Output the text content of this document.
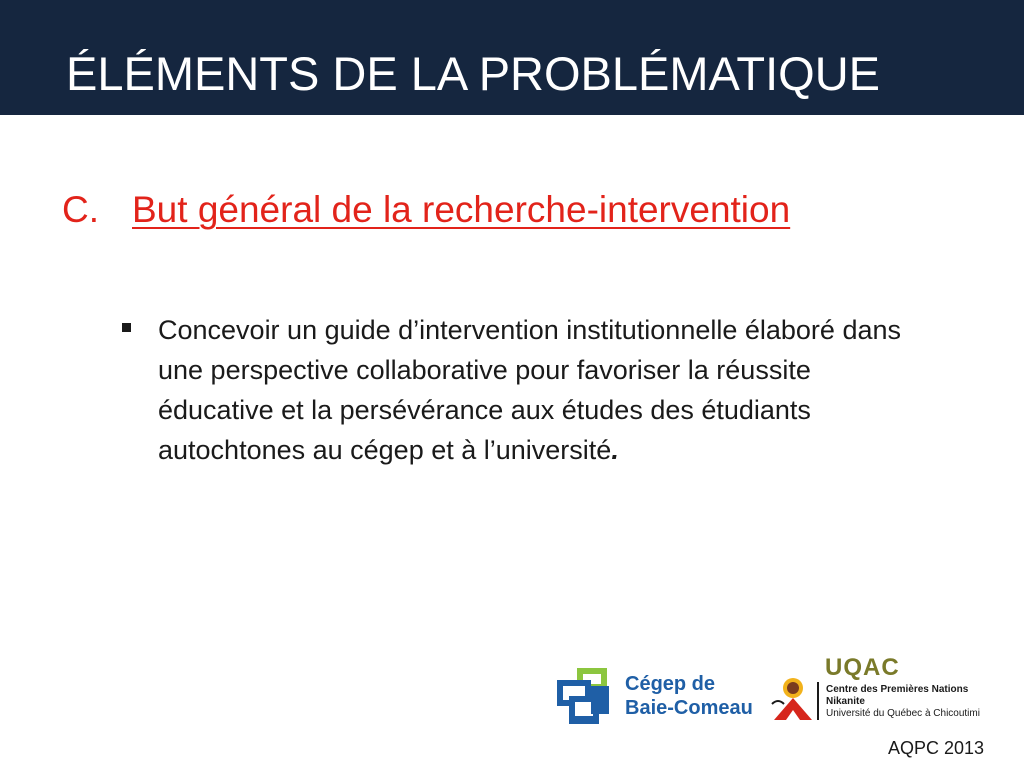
ÉLÉMENTS DE LA PROBLÉMATIQUE
C. But général de la recherche-intervention
Concevoir un guide d’intervention institutionnelle élaboré dans une perspective collaborative pour favoriser la réussite éducative et la persévérance aux études des étudiants autochtones au cégep et à l’université.
Cégep de
Baie-Comeau
UQAC
Centre des Premières Nations
Nikanite
Université du Québec à Chicoutimi
AQPC 2013
